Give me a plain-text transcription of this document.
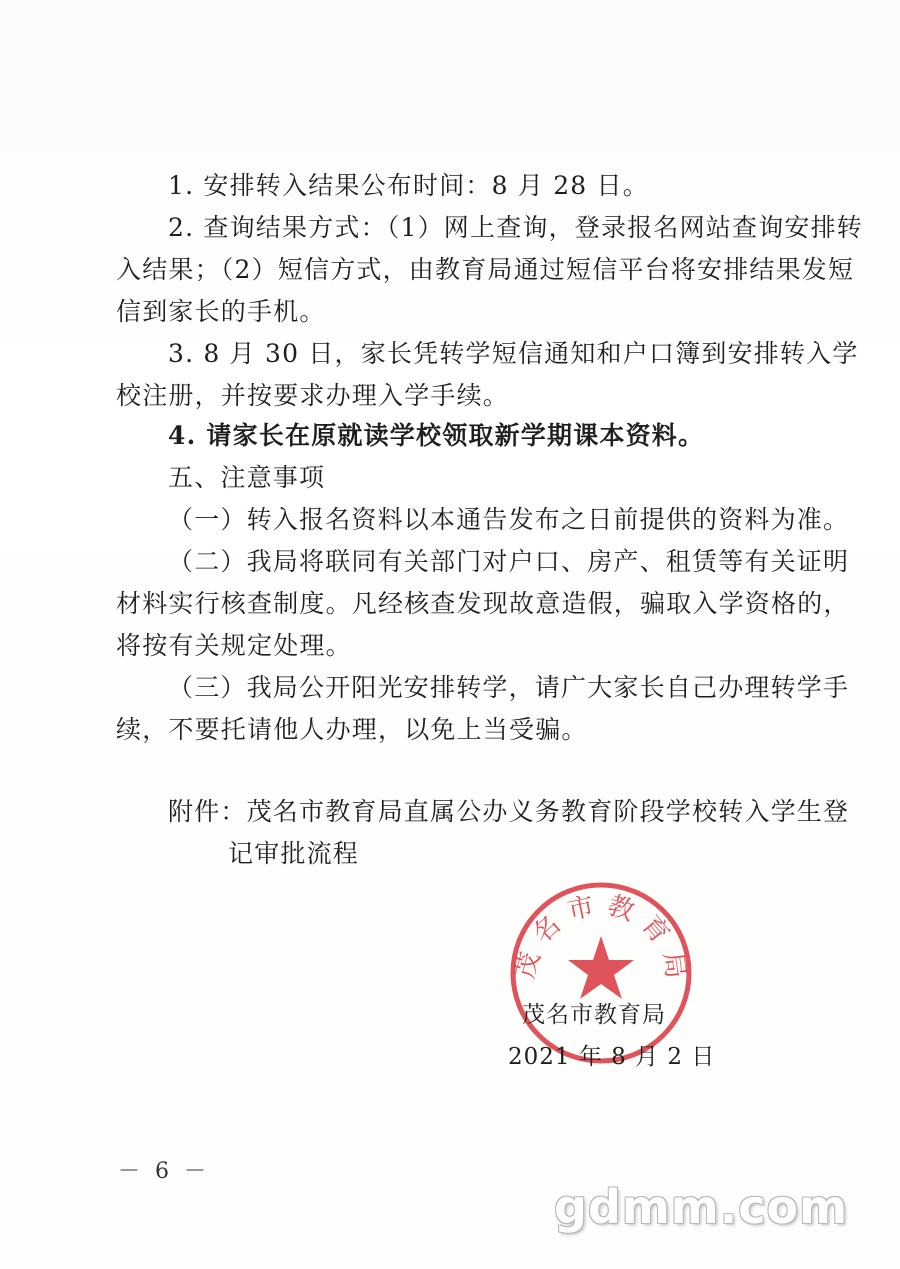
1. 安排转入结果公布时间：8 月 28 日。
2. 查询结果方式：（1）网上查询，登录报名网站查询安排转
入结果；（2）短信方式，由教育局通过短信平台将安排结果发短
信到家长的手机。
3. 8 月 30 日，家长凭转学短信通知和户口簿到安排转入学
校注册，并按要求办理入学手续。
4. 请家长在原就读学校领取新学期课本资料。
五、注意事项
（一）转入报名资料以本通告发布之日前提供的资料为准。
（二）我局将联同有关部门对户口、房产、租赁等有关证明
材料实行核查制度。凡经核查发现故意造假，骗取入学资格的，
将按有关规定处理。
（三）我局公开阳光安排转学，请广大家长自己办理转学手
续，不要托请他人办理，以免上当受骗。
附件：茂名市教育局直属公办义务教育阶段学校转入学生登
记审批流程
茂名市教育局
茂名市教育局
2021 年 8 月 2 日
－ 6 －
gdmm.com
